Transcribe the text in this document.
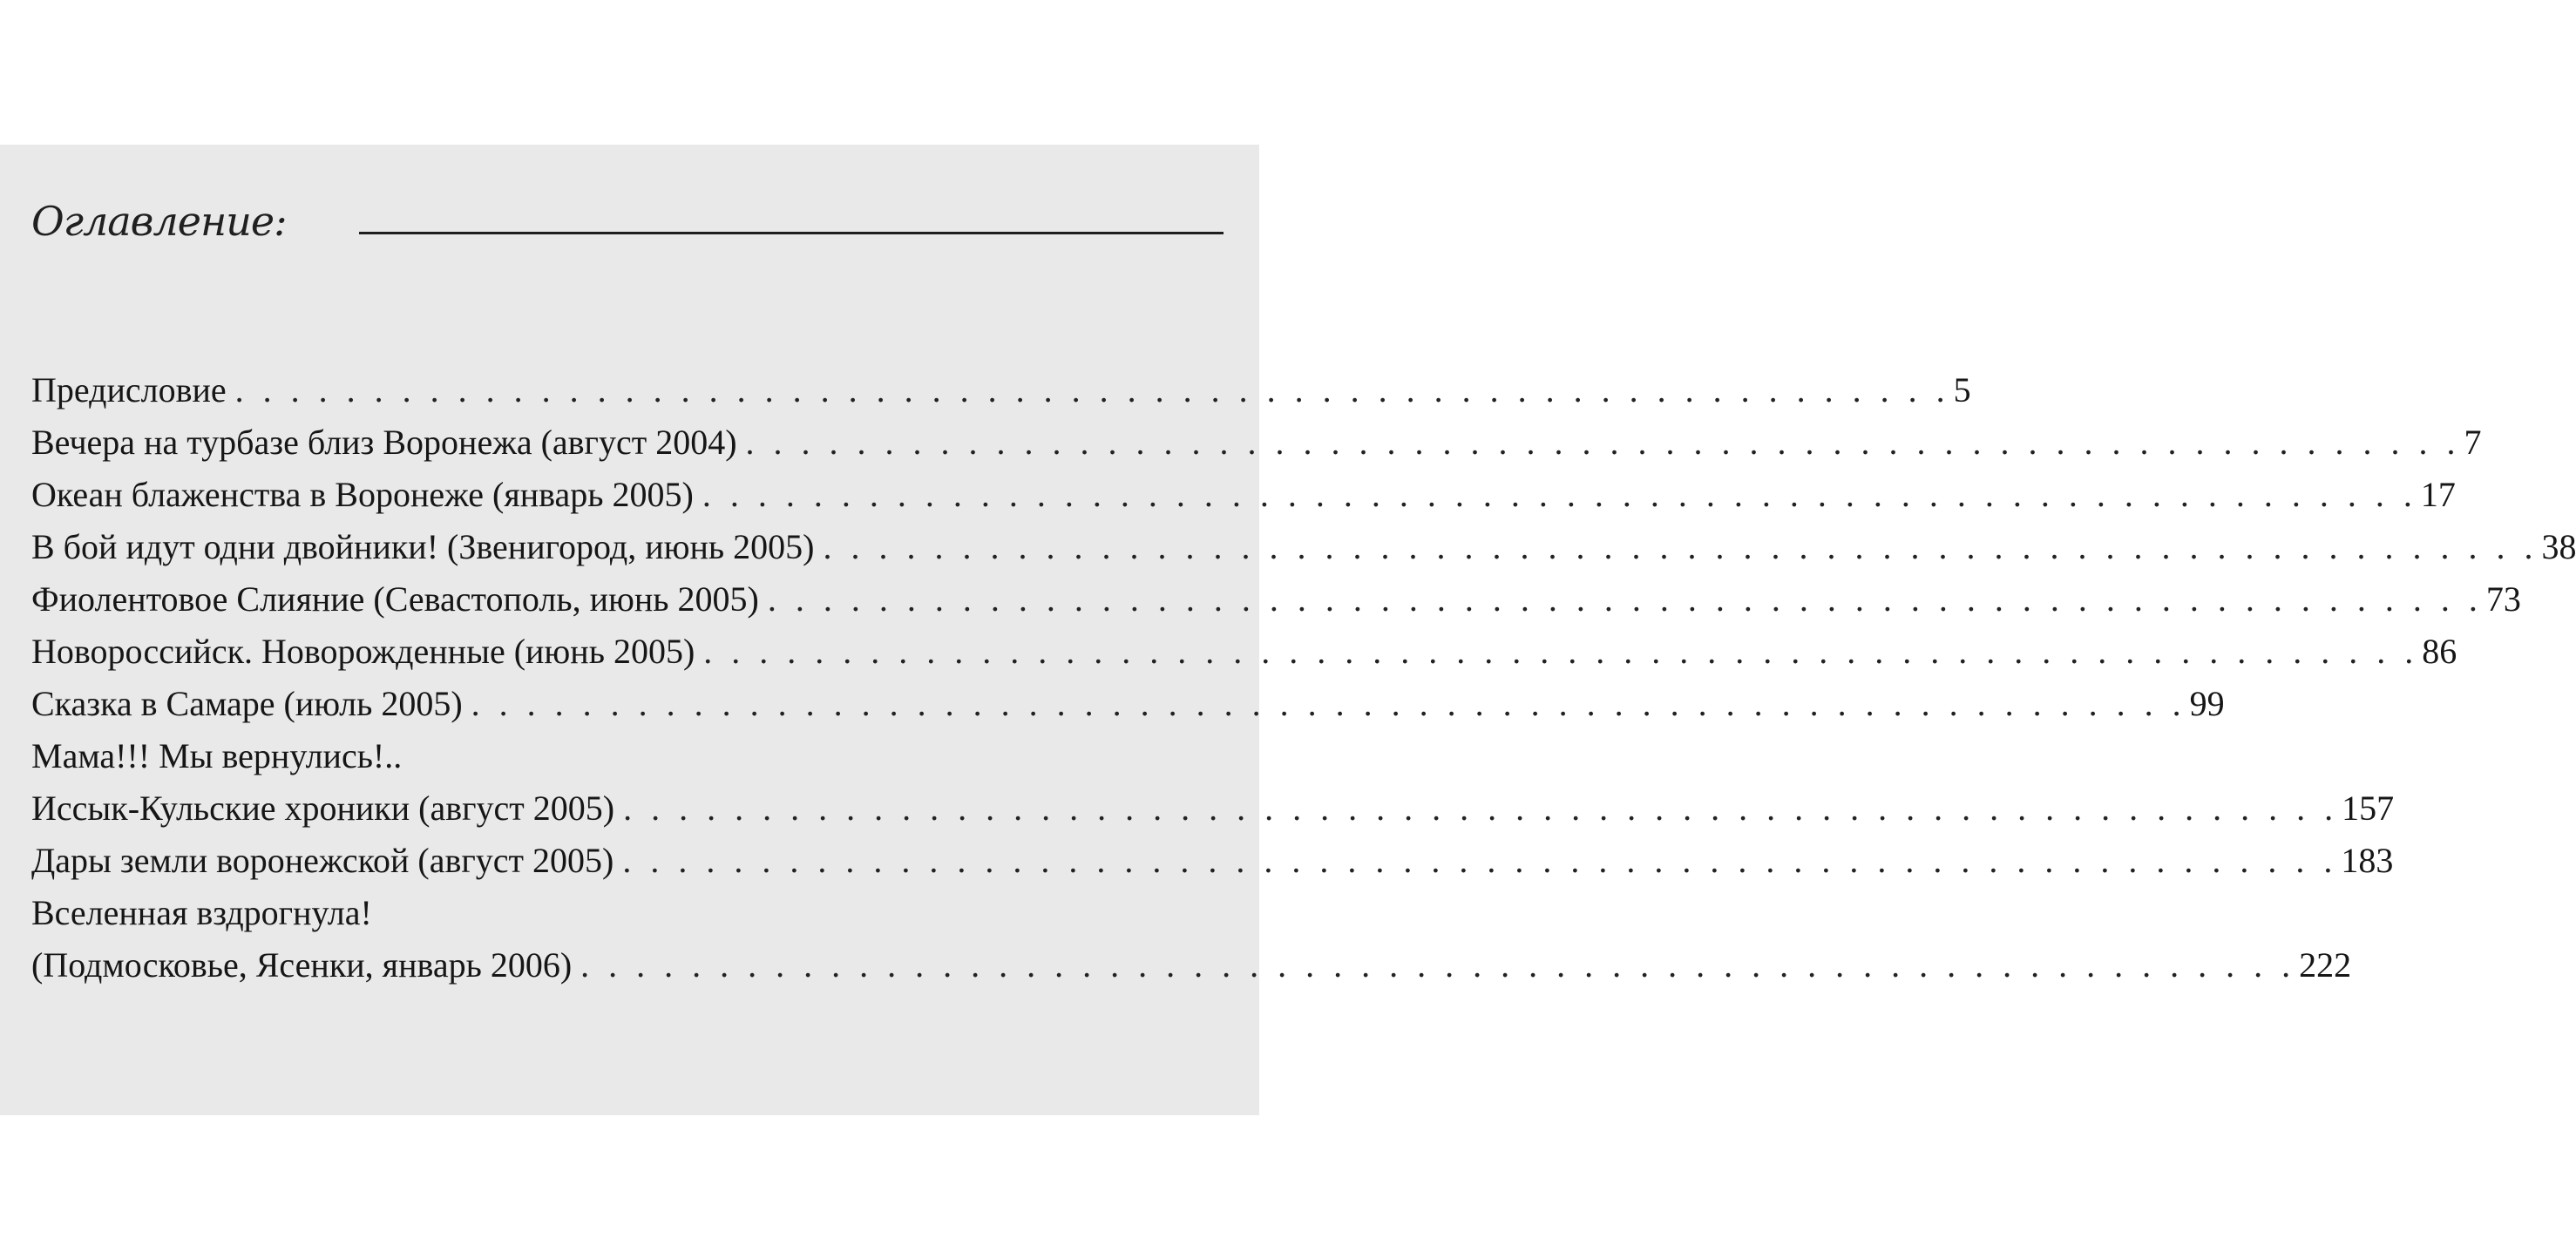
Оглавление:
Предисловие . . . . . . . . . . . . . . . . . . . . . . . . . . . . . . . . . . . . . . . . . . . . . . . . . . . . . . . . . . . . . . 5
Вечера на турбазе близ Воронежа (август 2004) . . . . . . . . . . . . . . . . . . . . . . . . . . . . . . . . . . . . . . . . . . . . . . . . . . . . . . . . . . . . . . 7
Океан блаженства в Воронеже (январь 2005) . . . . . . . . . . . . . . . . . . . . . . . . . . . . . . . . . . . . . . . . . . . . . . . . . . . . . . . . . . . . . . 17
В бой идут одни двойники! (Звенигород, июнь 2005) . . . . . . . . . . . . . . . . . . . . . . . . . . . . . . . . . . . . . . . . . . . . . . . . . . . . . . . . . . . . . . 38
Фиолентовое Слияние (Севастополь, июнь 2005) . . . . . . . . . . . . . . . . . . . . . . . . . . . . . . . . . . . . . . . . . . . . . . . . . . . . . . . . . . . . . . 73
Новороссийск. Новорожденные (июнь 2005) . . . . . . . . . . . . . . . . . . . . . . . . . . . . . . . . . . . . . . . . . . . . . . . . . . . . . . . . . . . . . . 86
Сказка в Самаре (июль 2005) . . . . . . . . . . . . . . . . . . . . . . . . . . . . . . . . . . . . . . . . . . . . . . . . . . . . . . . . . . . . . . 99
Мама!!! Мы вернулись!..
Иссык-Кульские хроники (август 2005) . . . . . . . . . . . . . . . . . . . . . . . . . . . . . . . . . . . . . . . . . . . . . . . . . . . . . . . . . . . . . . 157
Дары земли воронежской (август 2005) . . . . . . . . . . . . . . . . . . . . . . . . . . . . . . . . . . . . . . . . . . . . . . . . . . . . . . . . . . . . . . 183
Вселенная вздрогнула!
(Подмосковье, Ясенки, январь 2006) . . . . . . . . . . . . . . . . . . . . . . . . . . . . . . . . . . . . . . . . . . . . . . . . . . . . . . . . . . . . . . 222
